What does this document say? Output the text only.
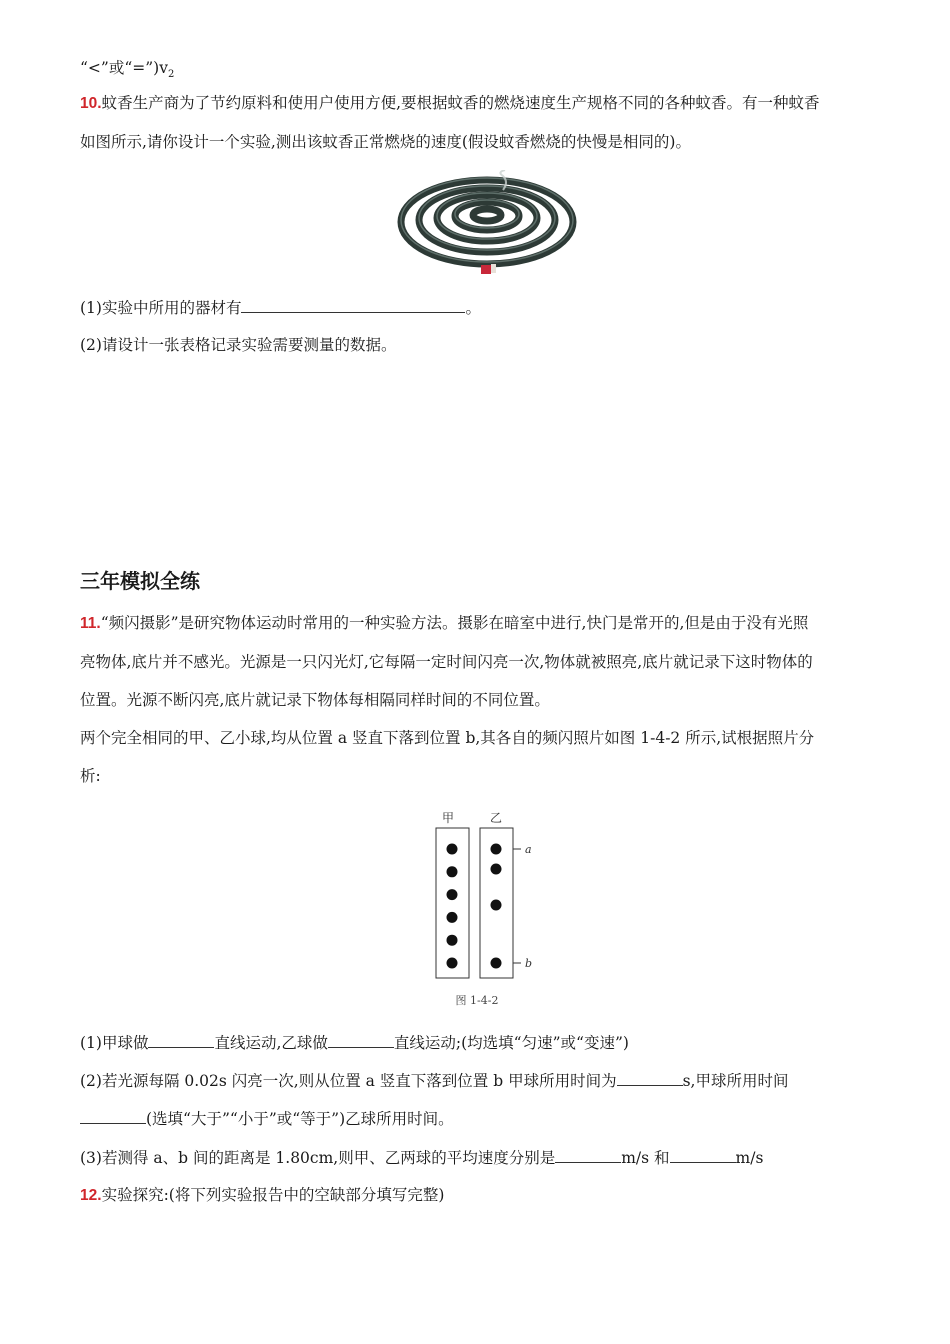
“<”或“$=”)v_2$
10.蚊香生产商为了节约原料和使用户使用方便,要根据蚊香的燃烧速度生产规格不同的各种蚊香。有一种蚊香
如图所示,请你设计一个实验,测出该蚊香正常燃烧的速度(假设蚊香燃烧的快慢是相同的)。
(1)实验中所用的器材有	。
(2)请设计一张表格记录实验需要测量的数据。
三年模拟全练
11.“频闪摄影”是研究物体运动时常用的一种实验方法。摄影在暗室中进行,快门是常开的,但是由于没有光照
亮物体,底片并不感光。光源是一只闪光灯,它每隔一定时间闪亮一次,物体就被照亮,底片就记录下这时物体的
位置。光源不断闪亮,底片就记录下物体每相隔同样时间的不同位置。
两个完全相同的甲、乙小球,均从位置 a 竖直下落到位置 b,其各自的频闪照片如图 1-4-2 所示,试根据照片分
析:
甲	乙
a
b
图 1-4-2
(1)甲球做	直线运动,乙球做	直线运动;(均选填“匀速”或“变速”)
(2)若光源每隔 0.02s 闪亮一次,则从位置 a 竖直下落到位置 b 甲球所用时间为	s,甲球所用时间
(选填“大于”“小于”或“等于”)乙球所用时间。
(3)若测得 a、b 间的距离是 1.80cm,则甲、乙两球的平均速度分别是	m/s 和	m/s
12.实验探究:(将下列实验报告中的空缺部分填写完整)
